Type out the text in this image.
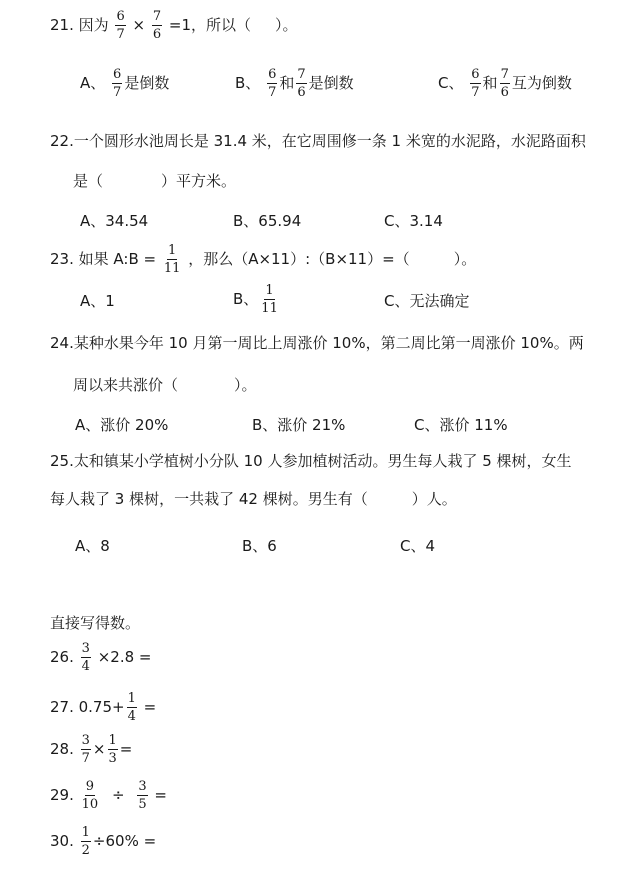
21. 因为 $\frac{6}{7} \times \frac{7}{6} =1$，所以（ ）。
A、 $\frac{6}{7}$ 是倒数	B、 $\frac{6}{7}$ 和 $\frac{7}{6}$ 是倒数	C、 $\frac{6}{7}$ 和 $\frac{7}{6}$ 互为倒数
22.一个圆形水池周长是 31.4 米，在它周围修一条 1 米宽的水泥路，水泥路面积
是（	）平方米。
A、34.54	B、65.94	C、3.14
23. 如果 A:B = $\frac{1}{11}$ ，那么（A×11）:（B×11）=（	）。
A、1	B、 $\frac{1}{11}$	C、无法确定
24.某种水果今年 10 月第一周比上周涨价 10%，第二周比第一周涨价 10%。两
周以来共涨价（	）。
A、涨价 20%	B、涨价 21%	C、涨价 11%
25.太和镇某小学植树小分队 10 人参加植树活动。男生每人栽了 5 棵树，女生
每人栽了 3 棵树，一共栽了 42 棵树。男生有（	）人。
A、8	B、6	C、4
直接写得数。
26. $\frac{3}{4} \times 2.8$ =
27. $0.75+ \frac{1}{4}$ =
28. $\frac{3}{7} \times \frac{1}{3}$ =
29. $\frac{9}{10} \div \frac{3}{5}$ =
30. $\frac{1}{2} \div 60\%$ =
